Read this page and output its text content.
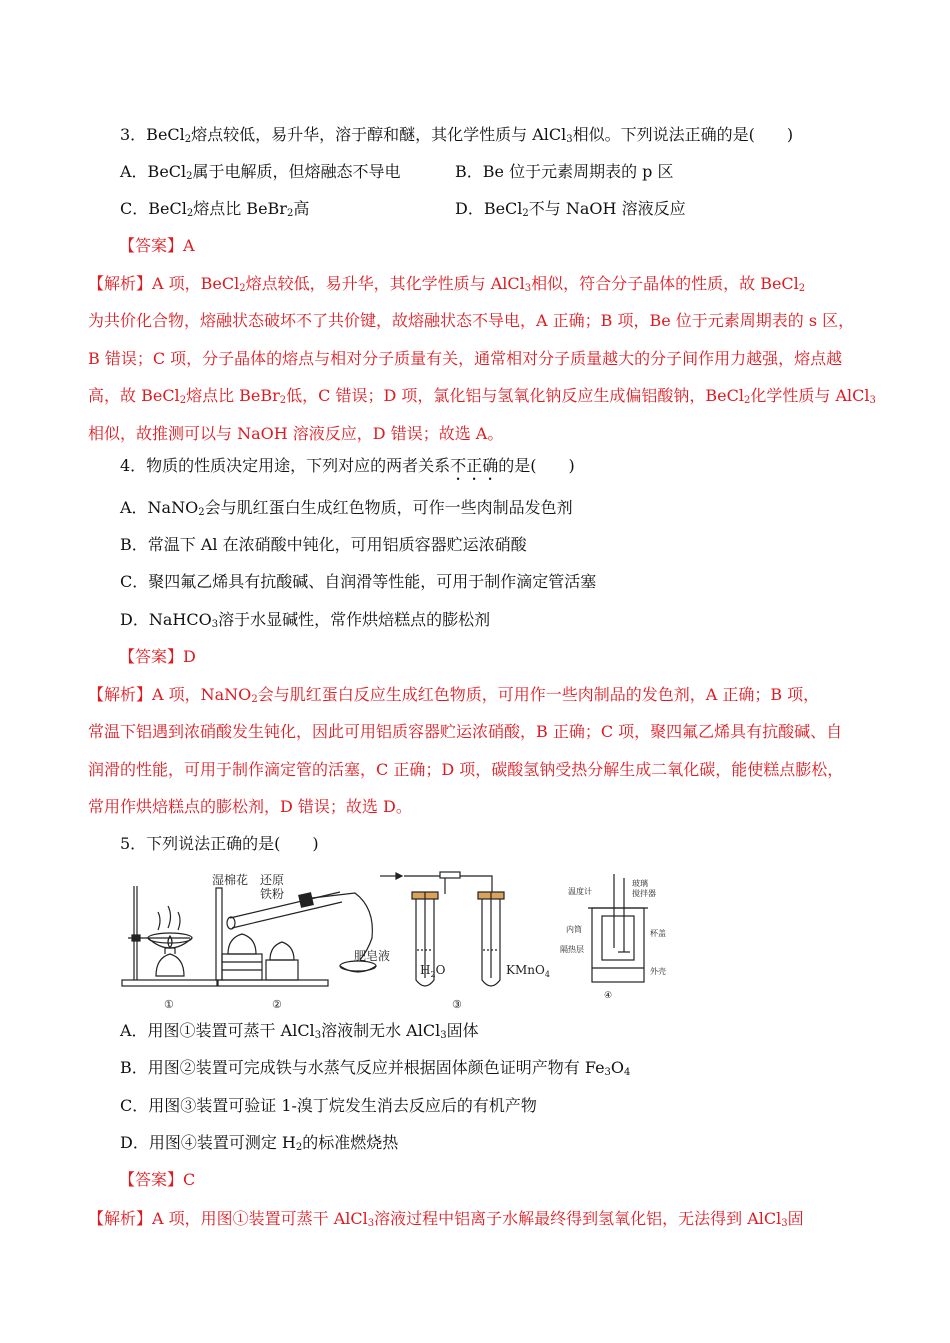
3．BeCl$_2$熔点较低，易升华，溶于醇和醚，其化学性质与 AlCl$_3$相似。下列说法正确的是(　　)
A．BeCl$_2$属于电解质，但熔融态不导电	B．Be 位于元素周期表的 p 区
C．BeCl$_2$熔点比 BeBr$_2$高	D．BeCl$_2$不与 NaOH 溶液反应
【答案】A
【解析】A 项，BeCl$_2$熔点较低，易升华，其化学性质与 AlCl$_3$相似，符合分子晶体的性质，故 BeCl$_2$
为共价化合物，熔融状态破坏不了共价键，故熔融状态不导电，A 正确；B 项，Be 位于元素周期表的 s 区，
B 错误；C 项，分子晶体的熔点与相对分子质量有关，通常相对分子质量越大的分子间作用力越强，熔点越
高，故 BeCl$_2$熔点比 BeBr$_2$低，C 错误；D 项，氯化铝与氢氧化钠反应生成偏铝酸钠，BeCl$_2$化学性质与 AlCl$_3$
相似，故推测可以与 NaOH 溶液反应，D 错误；故选 A。
4．物质的性质决定用途，下列对应的两者关系不正确的是(　　)
A．NaNO$_2$会与肌红蛋白生成红色物质，可作一些肉制品发色剂
B．常温下 Al 在浓硝酸中钝化，可用铝质容器贮运浓硝酸
C．聚四氟乙烯具有抗酸碱、自润滑等性能，可用于制作滴定管活塞
D．NaHCO$_3$溶于水显碱性，常作烘焙糕点的膨松剂
【答案】D
【解析】A 项，NaNO$_2$会与肌红蛋白反应生成红色物质，可用作一些肉制品的发色剂，A 正确；B 项，
常温下铝遇到浓硝酸发生钝化，因此可用铝质容器贮运浓硝酸，B 正确；C 项，聚四氟乙烯具有抗酸碱、自
润滑的性能，可用于制作滴定管的活塞，C 正确；D 项，碳酸氢钠受热分解生成二氧化碳，能使糕点膨松，
常用作烘焙糕点的膨松剂，D 错误；故选 D。
5．下列说法正确的是(　　)
①	②	③
④
湿棉花 还原
铁粉
肥皂液
$H_2O$	KMnO$_4$
温度计
玻璃
搅拌器
内筒	杯盖
隔热层
外壳
A．用图①装置可蒸干 AlCl$_3$溶液制无水 AlCl$_3$固体
B．用图②装置可完成铁与水蒸气反应并根据固体颜色证明产物有 $Fe_3O_4$
C．用图③装置可验证 1-溴丁烷发生消去反应后的有机产物
D．用图④装置可测定 $H_2$的标准燃烧热
【答案】C
【解析】A 项，用图①装置可蒸干 AlCl$_3$溶液过程中铝离子水解最终得到氢氧化铝，无法得到 AlCl$_3$固
